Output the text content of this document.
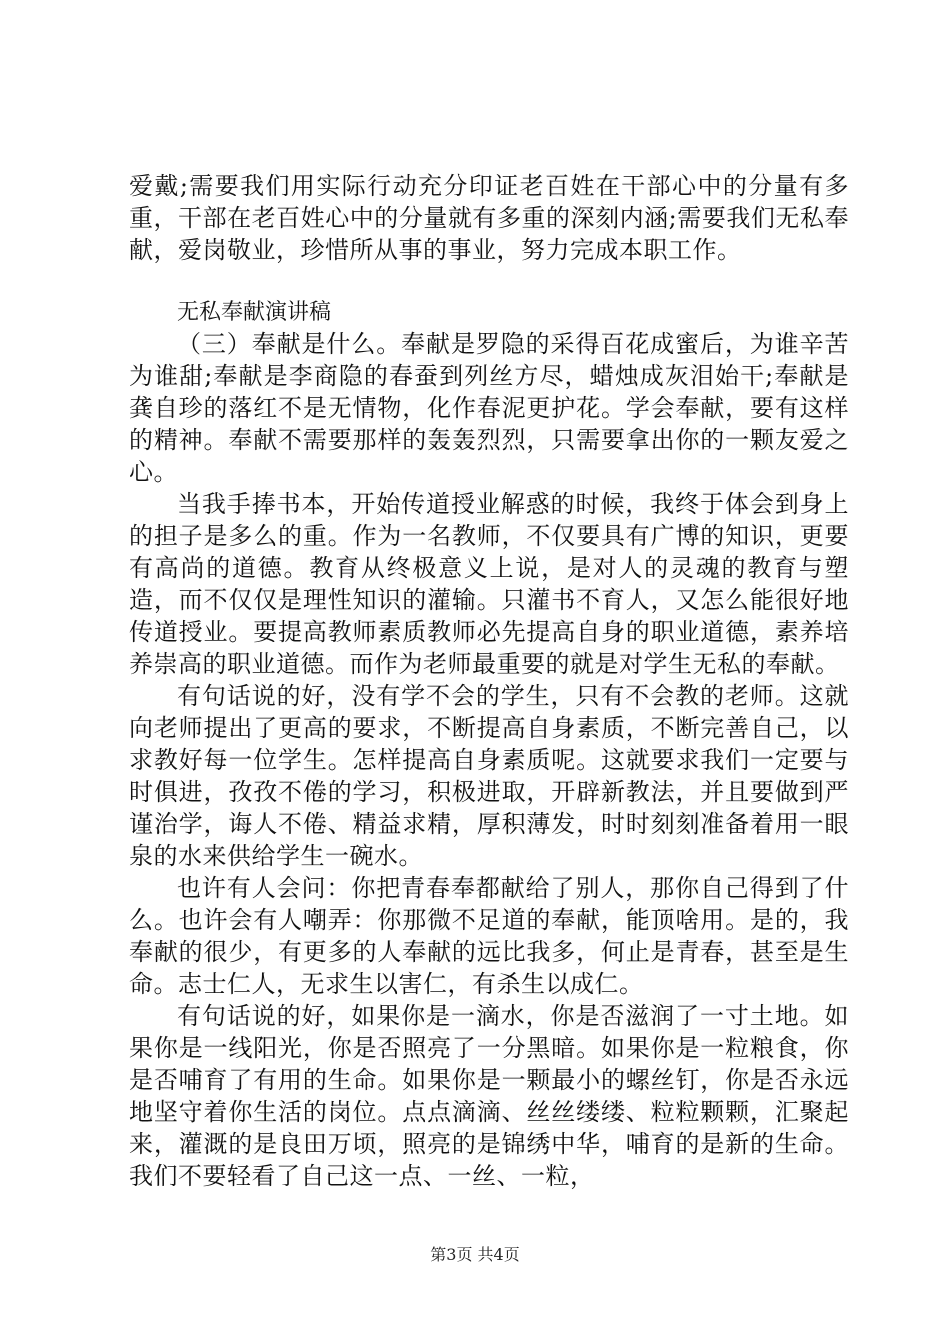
爱戴;需要我们用实际行动充分印证老百姓在干部心中的分量有多重，干部在老百姓心中的分量就有多重的深刻内涵;需要我们无私奉献，爱岗敬业，珍惜所从事的事业，努力完成本职工作。

无私奉献演讲稿

（三）奉献是什么。奉献是罗隐的采得百花成蜜后，为谁辛苦为谁甜;奉献是李商隐的春蚕到列丝方尽，蜡烛成灰泪始干;奉献是龚自珍的落红不是无情物，化作春泥更护花。学会奉献，要有这样的精神。奉献不需要那样的轰轰烈烈，只需要拿出你的一颗友爱之心。

当我手捧书本，开始传道授业解惑的时候，我终于体会到身上的担子是多么的重。作为一名教师，不仅要具有广博的知识，更要有高尚的道德。教育从终极意义上说，是对人的灵魂的教育与塑造，而不仅仅是理性知识的灌输。只灌书不育人，又怎么能很好地传道授业。要提高教师素质教师必先提高自身的职业道德，素养培养崇高的职业道德。而作为老师最重要的就是对学生无私的奉献。

有句话说的好，没有学不会的学生，只有不会教的老师。这就向老师提出了更高的要求，不断提高自身素质，不断完善自己，以求教好每一位学生。怎样提高自身素质呢。这就要求我们一定要与时俱进，孜孜不倦的学习，积极进取，开辟新教法，并且要做到严谨治学，诲人不倦、精益求精，厚积薄发，时时刻刻准备着用一眼泉的水来供给学生一碗水。

也许有人会问：你把青春奉都献给了别人，那你自己得到了什么。也许会有人嘲弄：你那微不足道的奉献，能顶啥用。是的，我奉献的很少，有更多的人奉献的远比我多，何止是青春，甚至是生命。志士仁人，无求生以害仁，有杀生以成仁。

有句话说的好，如果你是一滴水，你是否滋润了一寸土地。如果你是一线阳光，你是否照亮了一分黑暗。如果你是一粒粮食，你是否哺育了有用的生命。如果你是一颗最小的螺丝钉，你是否永远地坚守着你生活的岗位。点点滴滴、丝丝缕缕、粒粒颗颗，汇聚起来，灌溉的是良田万顷，照亮的是锦绣中华，哺育的是新的生命。我们不要轻看了自己这一点、一丝、一粒，

第3页 共4页
